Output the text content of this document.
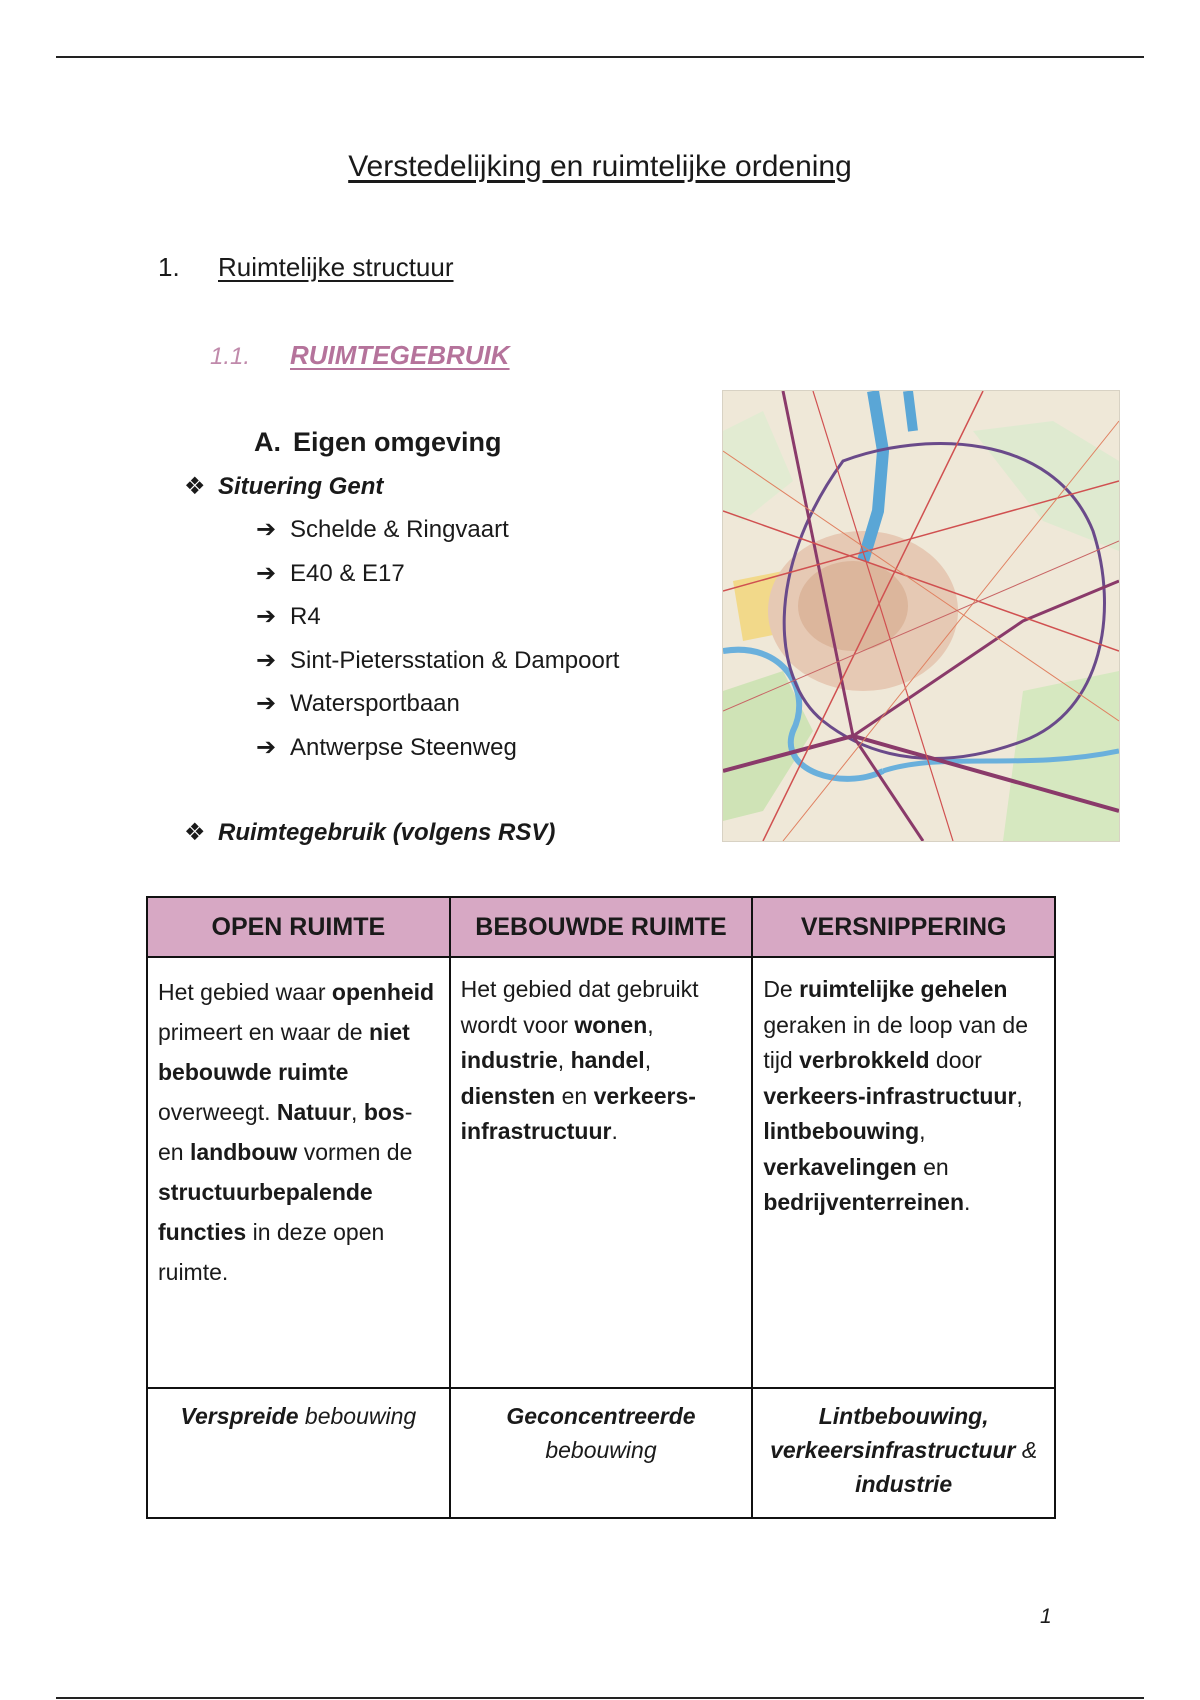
Verstedelijking en ruimtelijke ordening
1. Ruimtelijke structuur
1.1. RUIMTEGEBRUIK
A. Eigen omgeving
❖ Situering Gent
➔ Schelde & Ringvaart
➔ E40 & E17
➔ R4
➔ Sint-Pietersstation & Dampoort
➔ Watersportbaan
➔ Antwerpse Steenweg
❖ Ruimtegebruik (volgens RSV)
OPEN RUIMTE	BEBOUWDE RUIMTE	VERSNIPPERING
Het gebied waar openheid primeert en waar de niet bebouwde ruimte overweegt. Natuur, bos- en landbouw vormen de structuurbepalende functies in deze open ruimte.	Het gebied dat gebruikt wordt voor wonen, industrie, handel, diensten en verkeers-infrastructuur.	De ruimtelijke gehelen geraken in de loop van de tijd verbrokkeld door verkeers-infrastructuur, lintbebouwing, verkavelingen en bedrijventerreinen.
Verspreide bebouwing	Geconcentreerde bebouwing	Lintbebouwing, verkeersinfrastructuur & industrie
1
